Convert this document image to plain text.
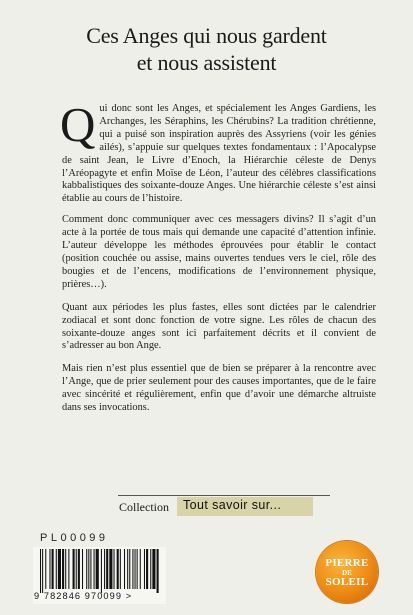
Ces Anges qui nous gardent
et nous assistent

Q ui donc sont les Anges, et spécialement les Anges Gardiens, les Archanges, les Séraphins, les Chérubins? La tradition chrétienne, qui a puisé son inspiration auprès des Assyriens (voir les génies ailés), s’appuie sur quelques textes fondamentaux : l’Apocalypse de saint Jean, le Livre d’Enoch, la Hiérarchie céleste de Denys l’Aréopagyte et enfin Moïse de Léon, l’auteur des célèbres classifications kabbalistiques des soixante-douze Anges. Une hiérarchie céleste s’est ainsi établie au cours de l’histoire.

Comment donc communiquer avec ces messagers divins? Il s’agit d’un acte à la portée de tous mais qui demande une capacité d’attention infinie. L’auteur développe les méthodes éprouvées pour établir le contact (position couchée ou assise, mains ouvertes tendues vers le ciel, rôle des bougies et de l’encens, modifications de l’environnement physique, prières…).

Quant aux périodes les plus fastes, elles sont dictées par le calendrier zodiacal et sont donc fonction de votre signe. Les rôles de chacun des soixante-douze anges sont ici parfaitement décrits et il convient de s’adresser au bon Ange.

Mais rien n’est plus essentiel que de bien se préparer à la rencontre avec l’Ange, que de prier seulement pour des causes importantes, que de le faire avec sincérité et régulièrement, enfin que d’avoir une démarche altruiste dans ses invocations.

Collection	Tout savoir sur...
PL00099
9 782846 970099 >
PIERRE
DE
SOLEIL
